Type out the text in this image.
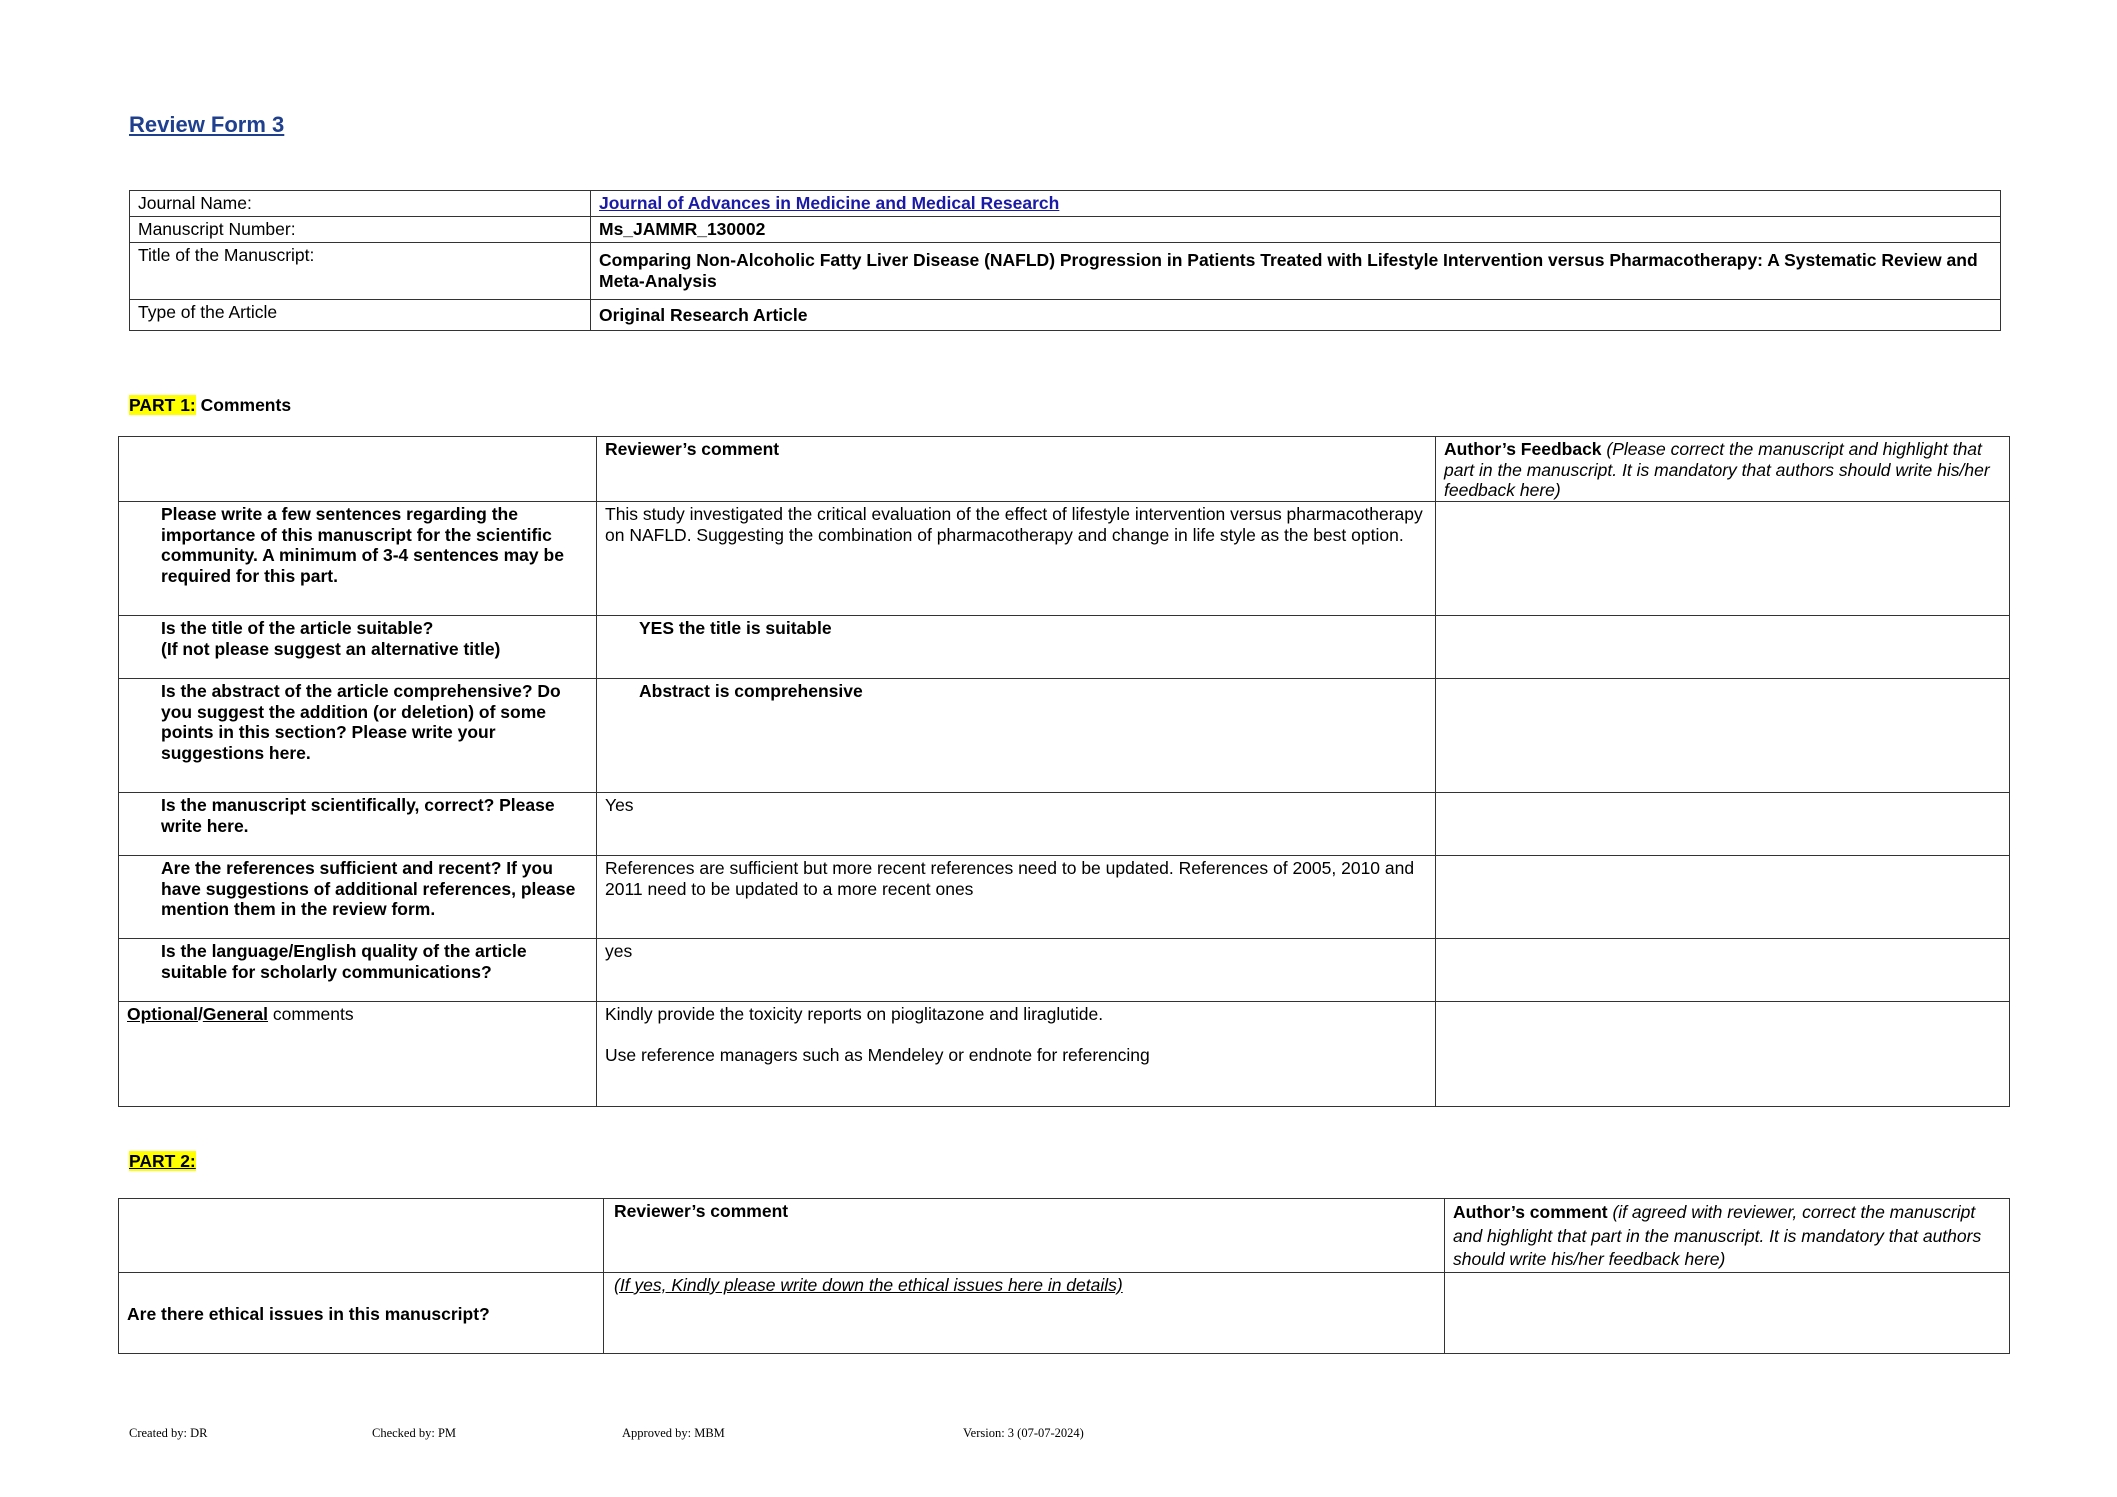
Review Form 3
Journal Name:	Journal of Advances in Medicine and Medical Research
Manuscript Number:	Ms_JAMMR_130002
Title of the Manuscript:	Comparing Non-Alcoholic Fatty Liver Disease (NAFLD) Progression in Patients Treated with Lifestyle Intervention versus Pharmacotherapy: A Systematic Review and Meta-Analysis
Type of the Article	Original Research Article
PART 1: Comments
	Reviewer’s comment	Author’s Feedback (Please correct the manuscript and highlight that part in the manuscript. It is mandatory that authors should write his/her feedback here)
Please write a few sentences regarding the importance of this manuscript for the scientific community. A minimum of 3-4 sentences may be required for this part.	This study investigated the critical evaluation of the effect of lifestyle intervention versus pharmacotherapy on NAFLD. Suggesting the combination of pharmacotherapy and change in life style as the best option.	
Is the title of the article suitable?
(If not please suggest an alternative title)	YES the title is suitable	
Is the abstract of the article comprehensive? Do you suggest the addition (or deletion) of some points in this section? Please write your suggestions here.	Abstract is comprehensive	
Is the manuscript scientifically, correct? Please write here.	Yes	
Are the references sufficient and recent? If you have suggestions of additional references, please mention them in the review form.	References are sufficient but more recent references need to be updated. References of 2005, 2010 and 2011 need to be updated to a more recent ones	
Is the language/English quality of the article suitable for scholarly communications?	yes	
Optional/General comments	Kindly provide the toxicity reports on pioglitazone and liraglutide.
Use reference managers such as Mendeley or endnote for referencing	

PART 2:
	Reviewer’s comment	Author’s comment (if agreed with reviewer, correct the manuscript and highlight that part in the manuscript. It is mandatory that authors should write his/her feedback here)
Are there ethical issues in this manuscript?	(If yes, Kindly please write down the ethical issues here in details)	
Created by: DR	Checked by: PM	Approved by: MBM	Version: 3 (07-07-2024)
